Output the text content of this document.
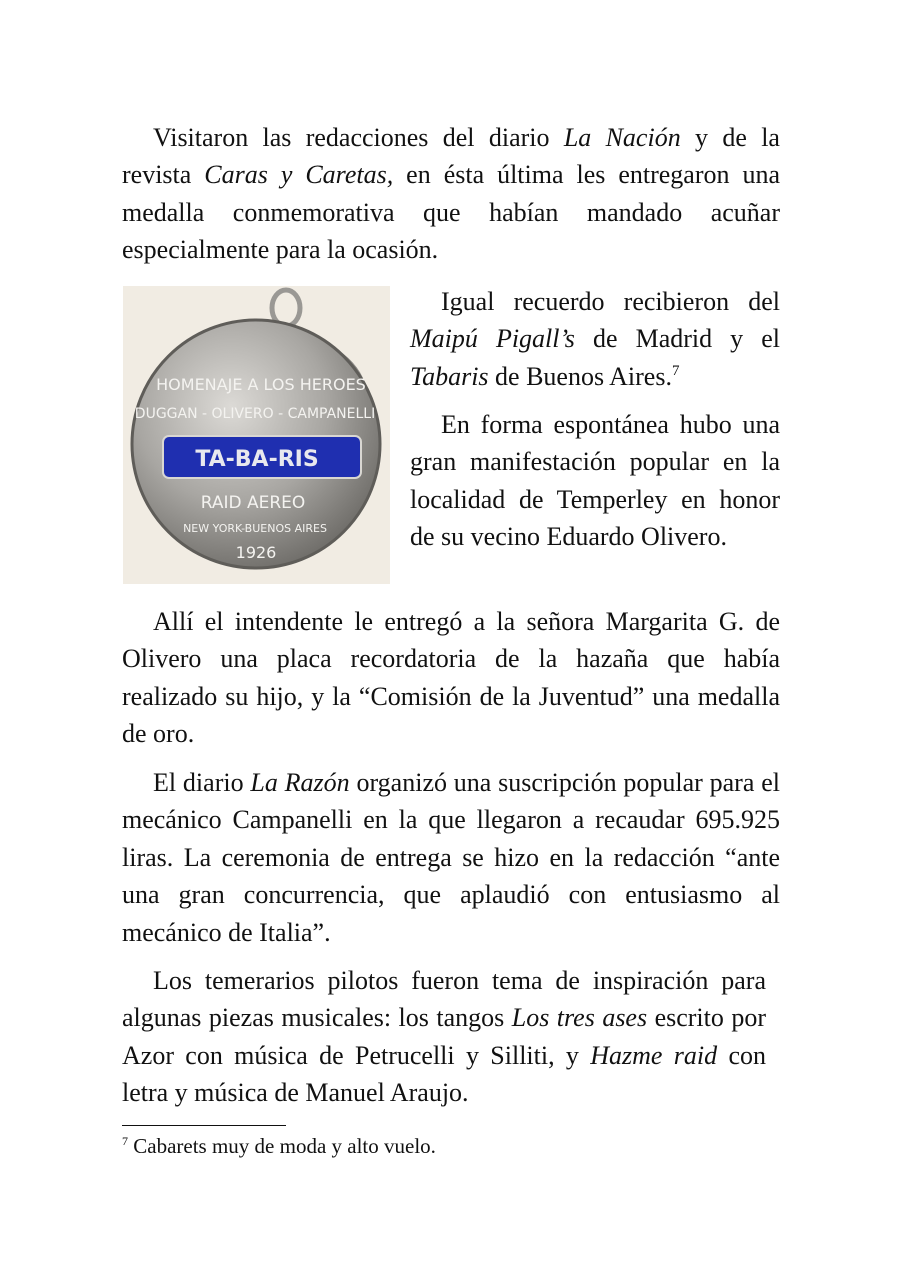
Visitaron las redacciones del diario La Nación y de la revista Caras y Caretas, en ésta última les entregaron una medalla conmemorativa que habían mandado acuñar especialmente para la ocasión.

HOMENAJE A LOS HEROES
DUGGAN - OLIVERO - CAMPANELLI
TA-BA-RIS
RAID AEREO
NEW YORK-BUENOS AIRES
1926

Igual recuerdo recibieron del Maipú Pigall’s de Madrid y el Tabaris de Buenos Aires.$^7$

En forma espontánea hubo una gran manifestación popular en la localidad de Temperley en honor de su vecino Eduardo Olivero.

Allí el intendente le entregó a la señora Margarita G. de Olivero una placa recordatoria de la hazaña que había realizado su hijo, y la “Comisión de la Juventud” una medalla de oro.

El diario La Razón organizó una suscripción popular para el mecánico Campanelli en la que llegaron a recaudar 695.925 liras. La ceremonia de entrega se hizo en la redacción “ante una gran concurrencia, que aplaudió con entusiasmo al mecánico de Italia”.

Los temerarios pilotos fueron tema de inspiración para algunas piezas musicales: los tangos Los tres ases escrito por Azor con música de Petrucelli y Silliti, y Hazme raid con letra y música de Manuel Araujo.

$^7$ Cabarets muy de moda y alto vuelo.
